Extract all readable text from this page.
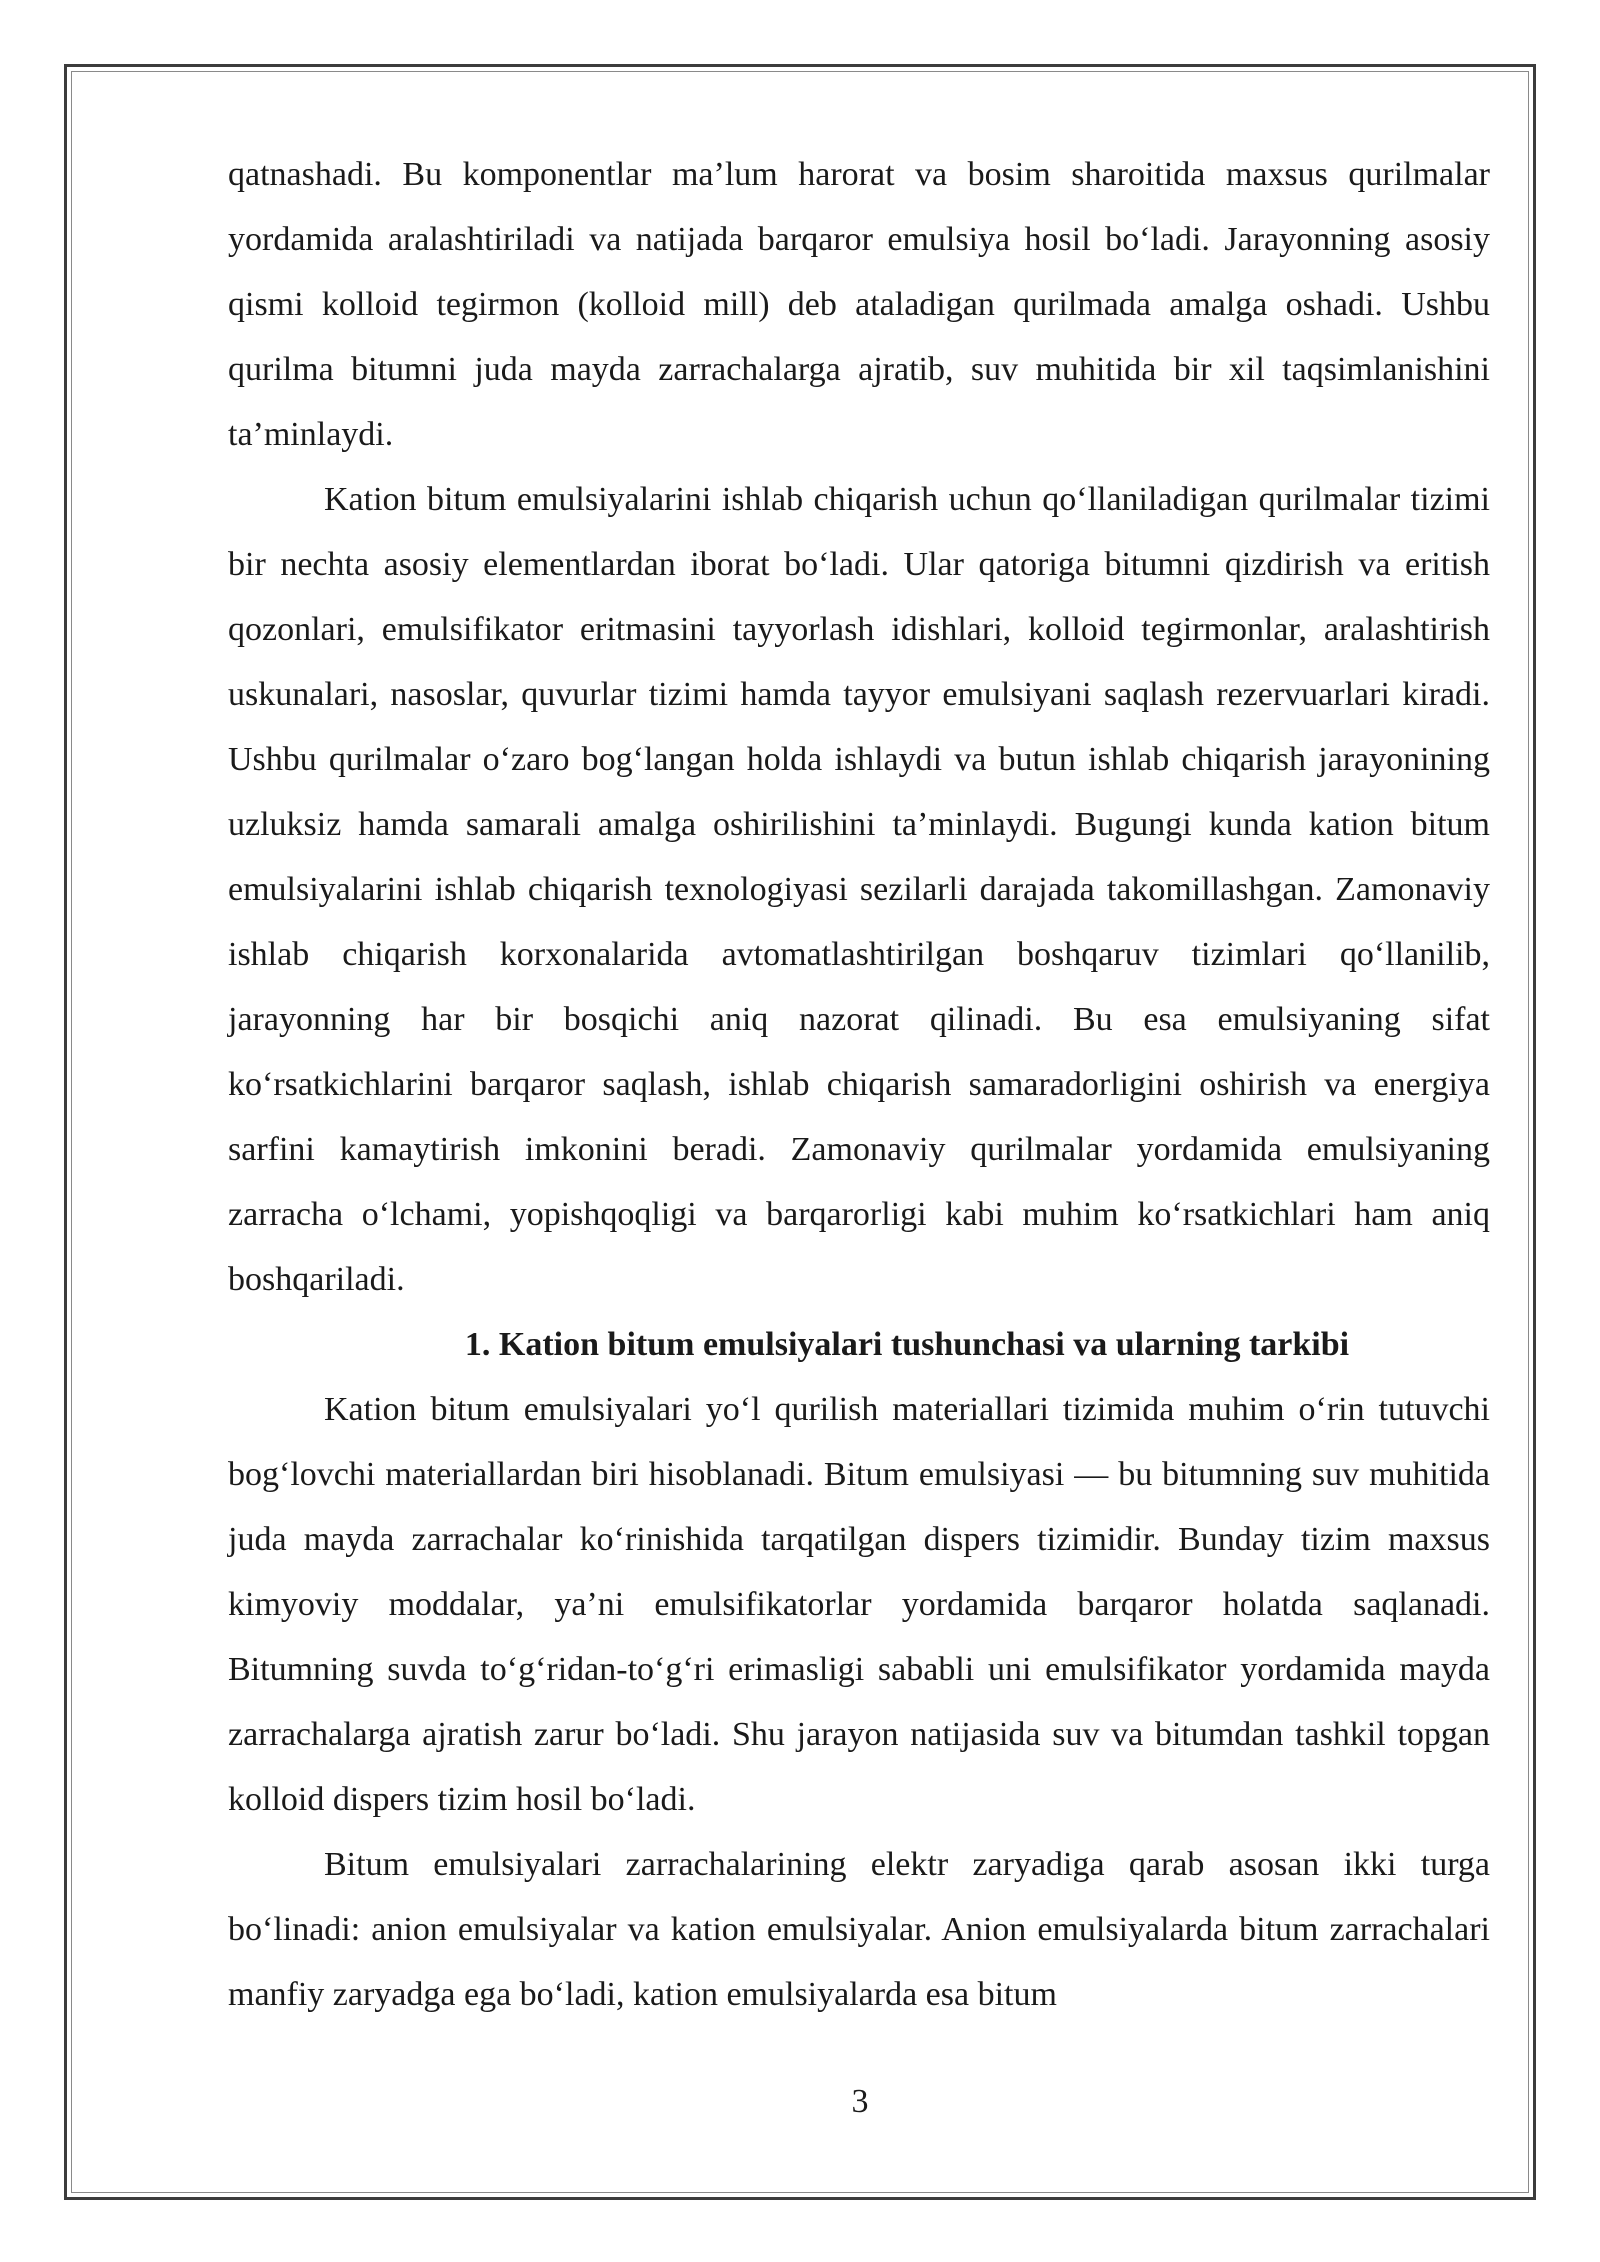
qatnashadi. Bu komponentlar ma’lum harorat va bosim sharoitida maxsus qurilmalar yordamida aralashtiriladi va natijada barqaror emulsiya hosil bo‘ladi. Jarayonning asosiy qismi kolloid tegirmon (kolloid mill) deb ataladigan qurilmada amalga oshadi. Ushbu qurilma bitumni juda mayda zarrachalarga ajratib, suv muhitida bir xil taqsimlanishini ta’minlaydi.

Kation bitum emulsiyalarini ishlab chiqarish uchun qo‘llaniladigan qurilmalar tizimi bir nechta asosiy elementlardan iborat bo‘ladi. Ular qatoriga bitumni qizdirish va eritish qozonlari, emulsifikator eritmasini tayyorlash idishlari, kolloid tegirmonlar, aralashtirish uskunalari, nasoslar, quvurlar tizimi hamda tayyor emulsiyani saqlash rezervuarlari kiradi. Ushbu qurilmalar o‘zaro bog‘langan holda ishlaydi va butun ishlab chiqarish jarayonining uzluksiz hamda samarali amalga oshirilishini ta’minlaydi. Bugungi kunda kation bitum emulsiyalarini ishlab chiqarish texnologiyasi sezilarli darajada takomillashgan. Zamonaviy ishlab chiqarish korxonalarida avtomatlashtirilgan boshqaruv tizimlari qo‘llanilib, jarayonning har bir bosqichi aniq nazorat qilinadi. Bu esa emulsiyaning sifat ko‘rsatkichlarini barqaror saqlash, ishlab chiqarish samaradorligini oshirish va energiya sarfini kamaytirish imkonini beradi. Zamonaviy qurilmalar yordamida emulsiyaning zarracha o‘lchami, yopishqoqligi va barqarorligi kabi muhim ko‘rsatkichlari ham aniq boshqariladi.

1. Kation bitum emulsiyalari tushunchasi va ularning tarkibi

Kation bitum emulsiyalari yo‘l qurilish materiallari tizimida muhim o‘rin tutuvchi bog‘lovchi materiallardan biri hisoblanadi. Bitum emulsiyasi — bu bitumning suv muhitida juda mayda zarrachalar ko‘rinishida tarqatilgan dispers tizimidir. Bunday tizim maxsus kimyoviy moddalar, ya’ni emulsifikatorlar yordamida barqaror holatda saqlanadi. Bitumning suvda to‘g‘ridan-to‘g‘ri erimasligi sababli uni emulsifikator yordamida mayda zarrachalarga ajratish zarur bo‘ladi. Shu jarayon natijasida suv va bitumdan tashkil topgan kolloid dispers tizim hosil bo‘ladi.

Bitum emulsiyalari zarrachalarining elektr zaryadiga qarab asosan ikki turga bo‘linadi: anion emulsiyalar va kation emulsiyalar. Anion emulsiyalarda bitum zarrachalari manfiy zaryadga ega bo‘ladi, kation emulsiyalarda esa bitum

3
